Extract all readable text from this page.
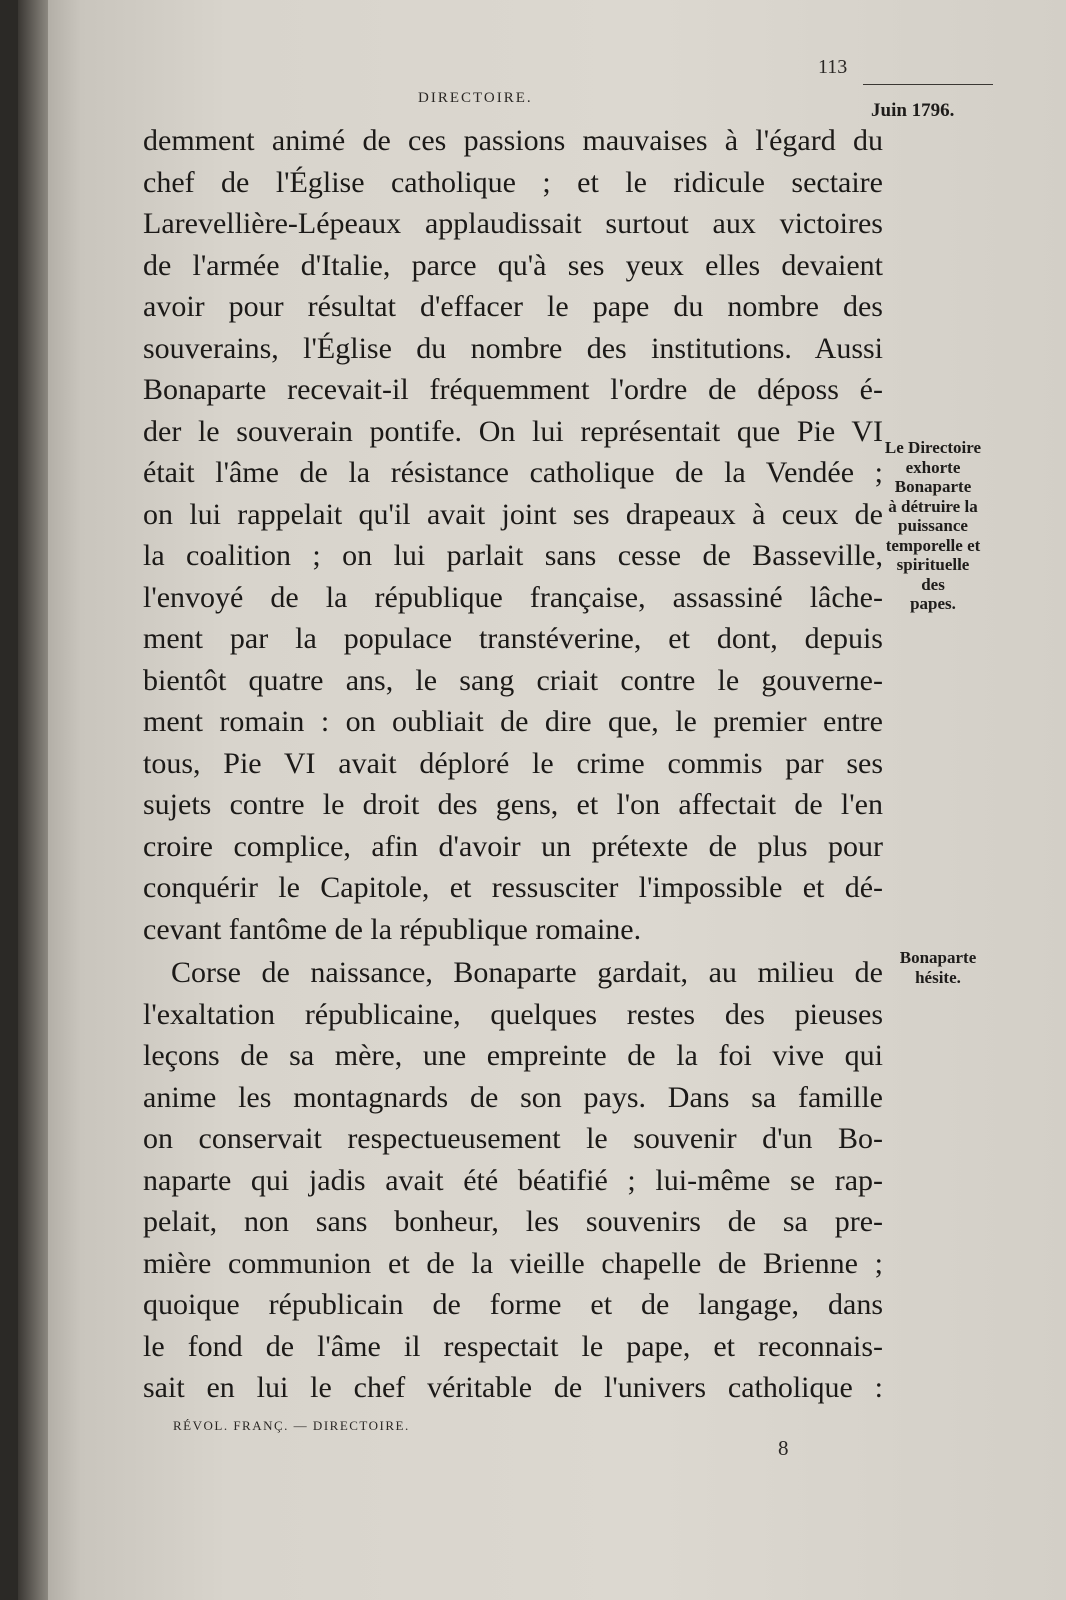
DIRECTOIRE.
113
Juin 1796.
demment animé de ces passions mauvaises à l'égard du
chef de l'Église catholique ; et le ridicule sectaire
Larevellière-Lépeaux applaudissait surtout aux victoires
de l'armée d'Italie, parce qu'à ses yeux elles devaient
avoir pour résultat d'effacer le pape du nombre des
souverains, l'Église du nombre des institutions. Aussi
Bonaparte recevait-il fréquemment l'ordre de déposs é-
der le souverain pontife. On lui représentait que Pie VI
était l'âme de la résistance catholique de la Vendée ;
on lui rappelait qu'il avait joint ses drapeaux à ceux de
la coalition ; on lui parlait sans cesse de Basseville,
l'envoyé de la république française, assassiné lâche-
ment par la populace transtéverine, et dont, depuis
bientôt quatre ans, le sang criait contre le gouverne-
ment romain : on oubliait de dire que, le premier entre
tous, Pie VI avait déploré le crime commis par ses
sujets contre le droit des gens, et l'on affectait de l'en
croire complice, afin d'avoir un prétexte de plus pour
conquérir le Capitole, et ressusciter l'impossible et dé-
cevant fantôme de la république romaine.
Corse de naissance, Bonaparte gardait, au milieu de
l'exaltation républicaine, quelques restes des pieuses
leçons de sa mère, une empreinte de la foi vive qui
anime les montagnards de son pays. Dans sa famille
on conservait respectueusement le souvenir d'un Bo-
naparte qui jadis avait été béatifié ; lui-même se rap-
pelait, non sans bonheur, les souvenirs de sa pre-
mière communion et de la vieille chapelle de Brienne ;
quoique républicain de forme et de langage, dans
le fond de l'âme il respectait le pape, et reconnais-
sait en lui le chef véritable de l'univers catholique :
Le Directoire
exhorte
Bonaparte
à détruire la
puissance
temporelle et
spirituelle
des
papes.
Bonaparte
hésite.
RÉVOL. FRANÇ. — DIRECTOIRE.
8
